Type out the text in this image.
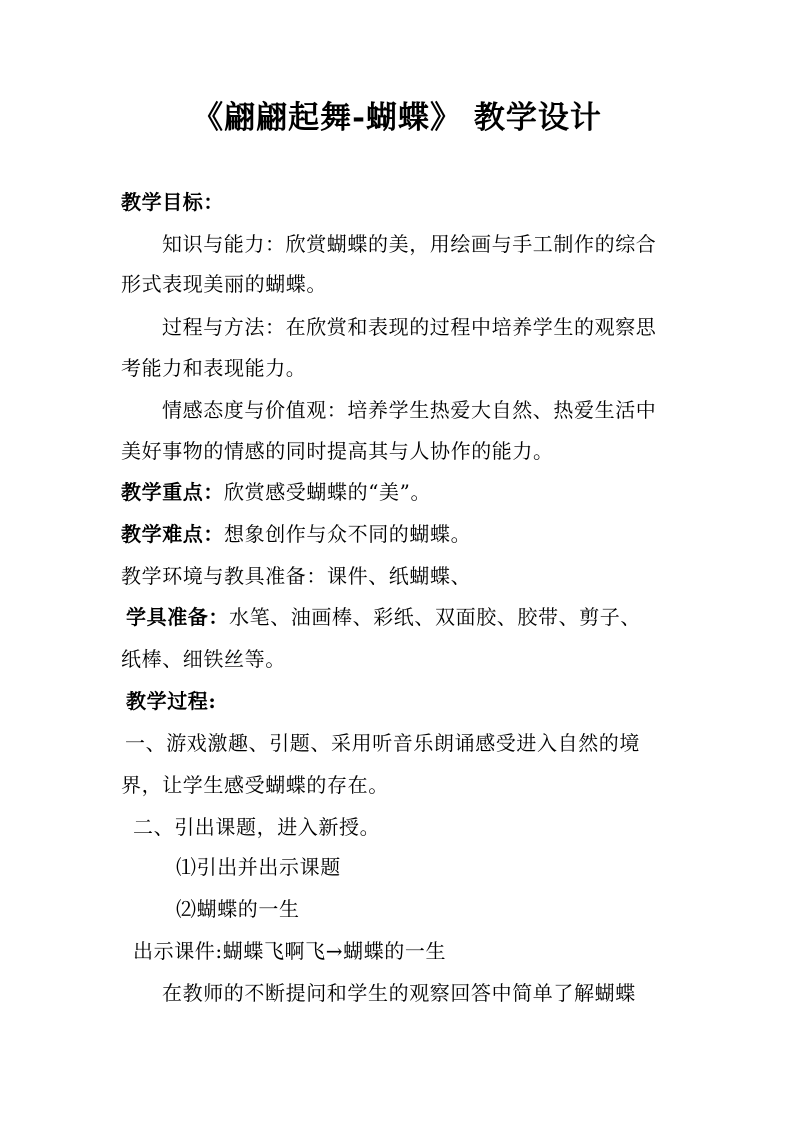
《翩翩起舞-蝴蝶》 教学设计
教学目标：
知识与能力：欣赏蝴蝶的美，用绘画与手工制作的综合
形式表现美丽的蝴蝶。
过程与方法：在欣赏和表现的过程中培养学生的观察思
考能力和表现能力。
情感态度与价值观：培养学生热爱大自然、热爱生活中
美好事物的情感的同时提高其与人协作的能力。
教学重点：欣赏感受蝴蝶的“美”。
教学难点：想象创作与众不同的蝴蝶。
教学环境与教具准备：课件、纸蝴蝶、
学具准备：水笔、油画棒、彩纸、双面胶、胶带、剪子、
纸棒、细铁丝等。
教学过程:
一、游戏激趣、引题、采用听音乐朗诵感受进入自然的境
界，让学生感受蝴蝶的存在。
二、引出课题，进入新授。
⑴引出并出示课题
⑵蝴蝶的一生
出示课件:蝴蝶飞啊飞→蝴蝶的一生
在教师的不断提问和学生的观察回答中简单了解蝴蝶
